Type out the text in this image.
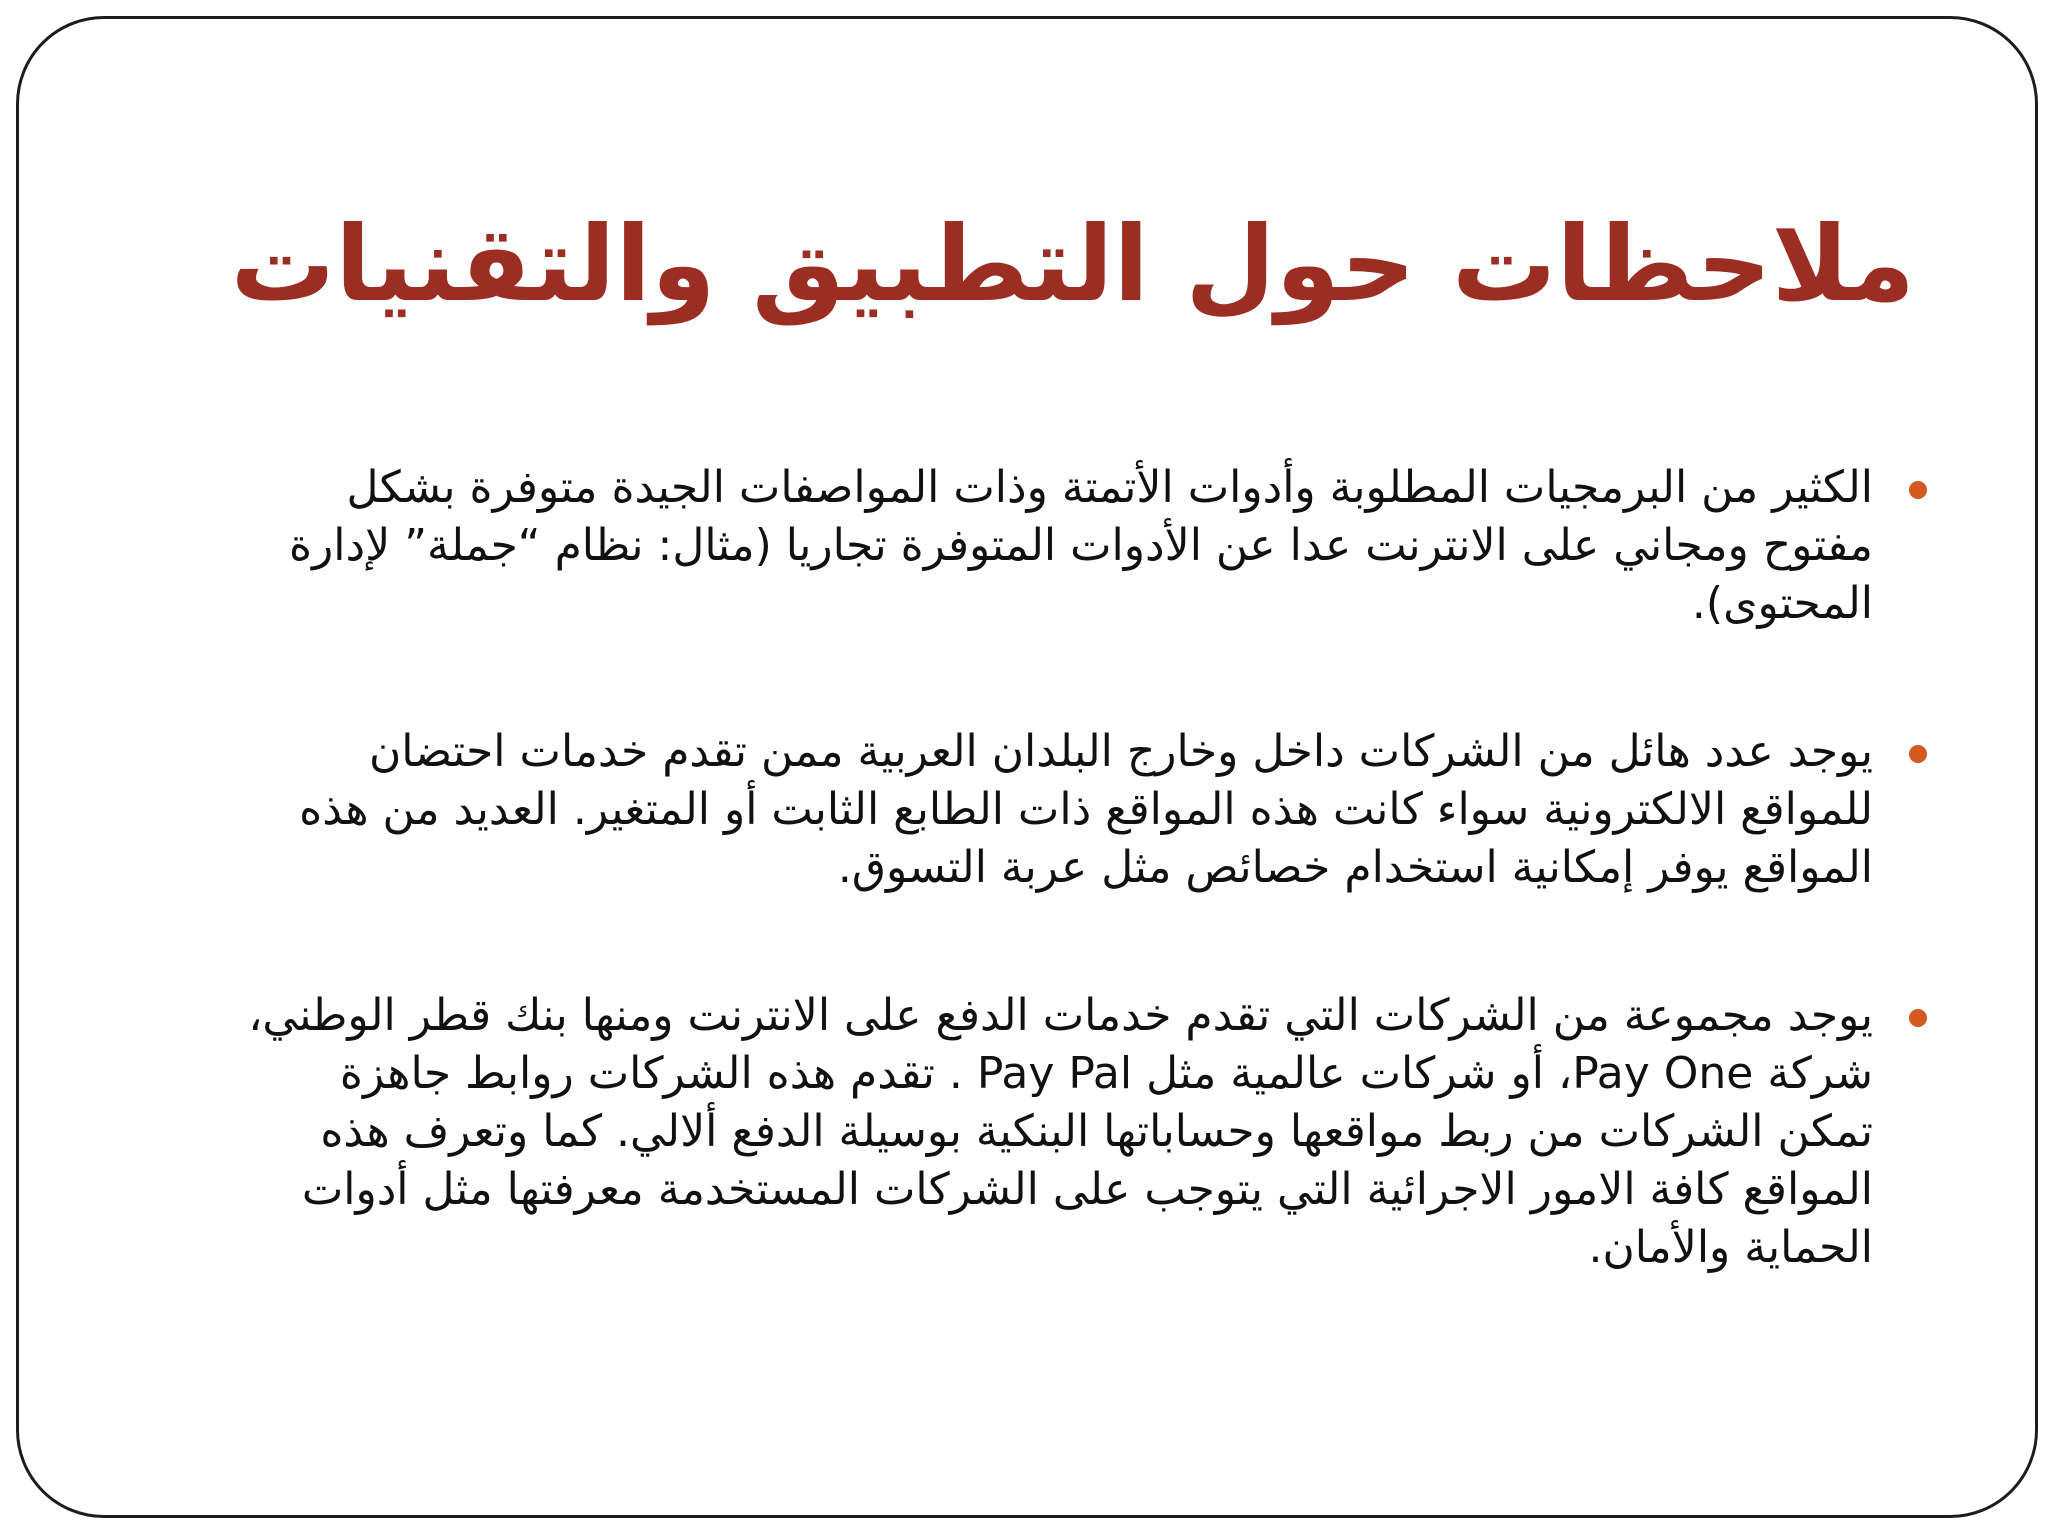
ملاحظات حول التطبيق والتقنيات
الكثير من البرمجيات المطلوبة وأدوات الأتمتة وذات المواصفات الجيدة متوفرة بشكل مفتوح ومجاني على الانترنت عدا عن الأدوات المتوفرة تجاريا (مثال: نظام “جملة” لإدارة المحتوى).
يوجد عدد هائل من الشركات داخل وخارج البلدان العربية ممن تقدم خدمات احتضان للمواقع الالكترونية سواء كانت هذه المواقع ذات الطابع الثابت أو المتغير. العديد من هذه المواقع يوفر إمكانية استخدام خصائص مثل عربة التسوق.
يوجد مجموعة من الشركات التي تقدم خدمات الدفع على الانترنت ومنها بنك قطر الوطني، شركة Pay One، أو شركات عالمية مثل Pay Pal . تقدم هذه الشركات روابط جاهزة تمكن الشركات من ربط مواقعها وحساباتها البنكية بوسيلة الدفع ألالي. كما وتعرف هذه المواقع كافة الامور الاجرائية التي يتوجب على الشركات المستخدمة معرفتها مثل أدوات الحماية والأمان.
